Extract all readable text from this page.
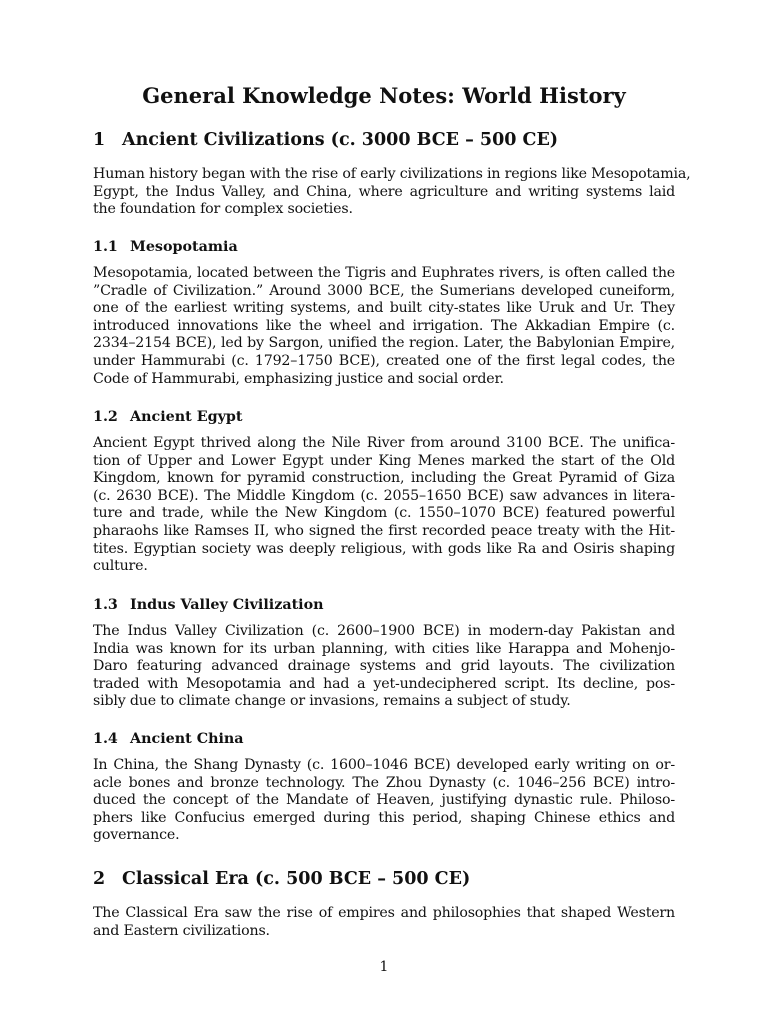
General Knowledge Notes: World History
1 Ancient Civilizations (c. 3000 BCE – 500 CE)
Human history began with the rise of early civilizations in regions like Mesopotamia,
Egypt, the Indus Valley, and China, where agriculture and writing systems laid
the foundation for complex societies.
1.1 Mesopotamia
Mesopotamia, located between the Tigris and Euphrates rivers, is often called the
”Cradle of Civilization.” Around 3000 BCE, the Sumerians developed cuneiform,
one of the earliest writing systems, and built city-states like Uruk and Ur. They
introduced innovations like the wheel and irrigation. The Akkadian Empire (c.
2334–2154 BCE), led by Sargon, unified the region. Later, the Babylonian Empire,
under Hammurabi (c. 1792–1750 BCE), created one of the first legal codes, the
Code of Hammurabi, emphasizing justice and social order.
1.2 Ancient Egypt
Ancient Egypt thrived along the Nile River from around 3100 BCE. The unifica-
tion of Upper and Lower Egypt under King Menes marked the start of the Old
Kingdom, known for pyramid construction, including the Great Pyramid of Giza
(c. 2630 BCE). The Middle Kingdom (c. 2055–1650 BCE) saw advances in litera-
ture and trade, while the New Kingdom (c. 1550–1070 BCE) featured powerful
pharaohs like Ramses II, who signed the first recorded peace treaty with the Hit-
tites. Egyptian society was deeply religious, with gods like Ra and Osiris shaping
culture.
1.3 Indus Valley Civilization
The Indus Valley Civilization (c. 2600–1900 BCE) in modern-day Pakistan and
India was known for its urban planning, with cities like Harappa and Mohenjo-
Daro featuring advanced drainage systems and grid layouts. The civilization
traded with Mesopotamia and had a yet-undeciphered script. Its decline, pos-
sibly due to climate change or invasions, remains a subject of study.
1.4 Ancient China
In China, the Shang Dynasty (c. 1600–1046 BCE) developed early writing on or-
acle bones and bronze technology. The Zhou Dynasty (c. 1046–256 BCE) intro-
duced the concept of the Mandate of Heaven, justifying dynastic rule. Philoso-
phers like Confucius emerged during this period, shaping Chinese ethics and
governance.
2 Classical Era (c. 500 BCE – 500 CE)
The Classical Era saw the rise of empires and philosophies that shaped Western
and Eastern civilizations.
1
